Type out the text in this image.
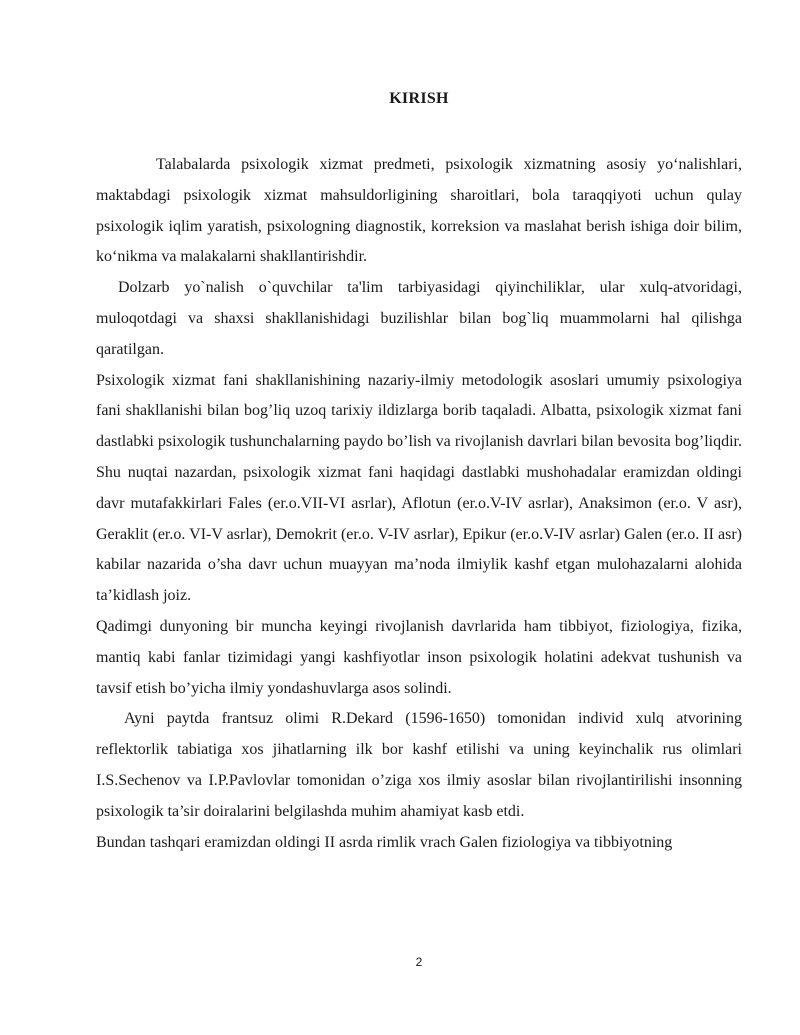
KIRISH

Talabalarda psixologik xizmat predmeti, psixologik xizmatning asosiy yo‘nalishlari, maktabdagi psixologik xizmat mahsuldorligining sharoitlari, bola taraqqiyoti uchun qulay psixologik iqlim yaratish, psixologning diagnostik, korreksion va maslahat berish ishiga doir bilim, ko‘nikma va malakalarni shakllantirishdir.

Dolzarb yo`nalish o`quvchilar ta'lim tarbiyasidagi qiyinchiliklar, ular xulq-atvoridagi, muloqotdagi va shaxsi shakllanishidagi buzilishlar bilan bog`liq muammolarni hal qilishga qaratilgan.

Psixologik xizmat fani shakllanishining nazariy-ilmiy metodologik asoslari umumiy psixologiya fani shakllanishi bilan bog’liq uzoq tarixiy ildizlarga borib taqaladi. Albatta, psixologik xizmat fani dastlabki psixologik tushunchalarning paydo bo’lish va rivojlanish davrlari bilan bevosita bog’liqdir. Shu nuqtai nazardan, psixologik xizmat fani haqidagi dastlabki mushohadalar eramizdan oldingi davr mutafakkirlari Fales (er.o.VII-VI asrlar), Aflotun (er.o.V-IV asrlar), Anaksimon (er.o. V asr), Geraklit (er.o. VI-V asrlar), Demokrit (er.o. V-IV asrlar), Epikur (er.o.V-IV asrlar) Galen (er.o. II asr) kabilar nazarida o’sha davr uchun muayyan ma’noda ilmiylik kashf etgan mulohazalarni alohida ta’kidlash joiz.

Qadimgi dunyoning bir muncha keyingi rivojlanish davrlarida ham tibbiyot, fiziologiya, fizika, mantiq kabi fanlar tizimidagi yangi kashfiyotlar inson psixologik holatini adekvat tushunish va tavsif etish bo’yicha ilmiy yondashuvlarga asos solindi.

Ayni paytda frantsuz olimi R.Dekard (1596-1650) tomonidan individ xulq atvorining reflektorlik tabiatiga xos jihatlarning ilk bor kashf etilishi va uning keyinchalik rus olimlari I.S.Sechenov va I.P.Pavlovlar tomonidan o’ziga xos ilmiy asoslar bilan rivojlantirilishi insonning psixologik ta’sir doiralarini belgilashda muhim ahamiyat kasb etdi.

Bundan tashqari eramizdan oldingi II asrda rimlik vrach Galen fiziologiya va tibbiyotning

2
